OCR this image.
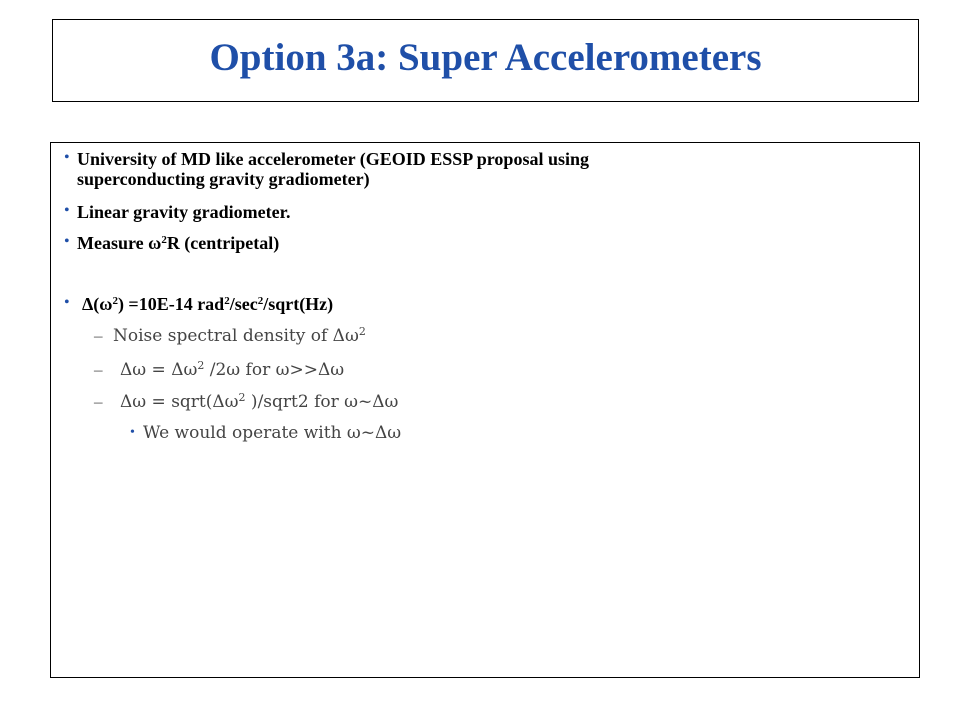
Option 3a: Super Accelerometers
• University of MD like accelerometer (GEOID ESSP proposal using
superconducting gravity gradiometer)
• Linear gravity gradiometer.
• Measure $\omega^2R$ (centripetal)
• $\Delta(\omega^2) =10E-14$ $rad^2/\sec^2/sqrt(Hz)$
– Noise spectral density of $\Delta\omega^2$
– $\Delta\omega = \Delta\omega^2$ /2ω for ω>>Δω
– $\Delta\omega = sqrt(\Delta\omega^2$ )/sqrt2 for ω~Δω
• We would operate with ω~Δω
